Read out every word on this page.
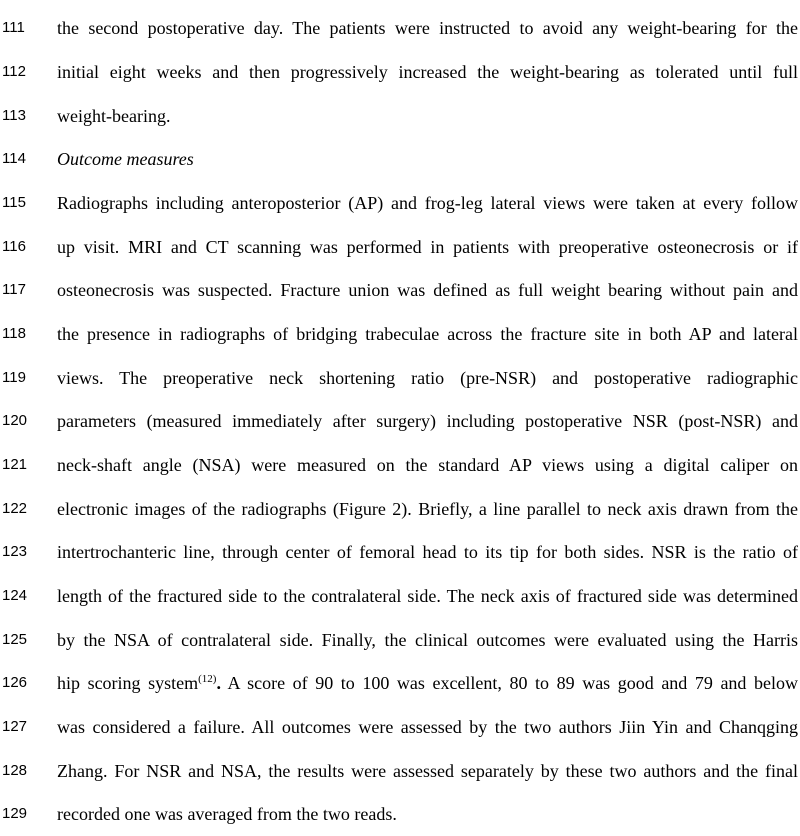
111	the second postoperative day. The patients were instructed to avoid any weight-bearing for the
112	initial eight weeks and then progressively increased the weight-bearing as tolerated until full
113	weight-bearing.
114	Outcome measures
115	Radiographs including anteroposterior (AP) and frog-leg lateral views were taken at every follow
116	up visit. MRI and CT scanning was performed in patients with preoperative osteonecrosis or if
117	osteonecrosis was suspected. Fracture union was defined as full weight bearing without pain and
118	the presence in radiographs of bridging trabeculae across the fracture site in both AP and lateral
119	views. The preoperative neck shortening ratio (pre-NSR) and postoperative radiographic
120	parameters (measured immediately after surgery) including postoperative NSR (post-NSR) and
121	neck-shaft angle (NSA) were measured on the standard AP views using a digital caliper on
122	electronic images of the radiographs (Figure 2). Briefly, a line parallel to neck axis drawn from the
123	intertrochanteric line, through center of femoral head to its tip for both sides. NSR is the ratio of
124	length of the fractured side to the contralateral side. The neck axis of fractured side was determined
125	by the NSA of contralateral side. Finally, the clinical outcomes were evaluated using the Harris
126	hip scoring system$^{(12)}$. A score of 90 to 100 was excellent, 80 to 89 was good and 79 and below
127	was considered a failure. All outcomes were assessed by the two authors Jiin Yin and Chanqging
128	Zhang. For NSR and NSA, the results were assessed separately by these two authors and the final
129	recorded one was averaged from the two reads.
